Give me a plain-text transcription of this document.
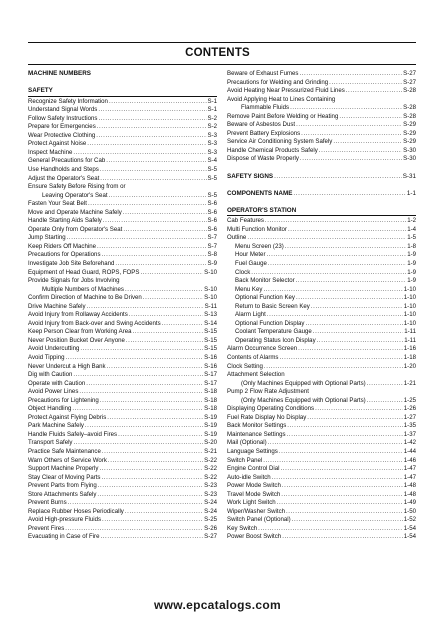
CONTENTS
MACHINE NUMBERS
SAFETY
Recognize Safety Information .....	S-1
Understand Signal Words .....	S-1
Follow Safety Instructions .....	S-2
Prepare for Emergencies .....	S-2
Wear Protective Clothing .....	S-3
Protect Against Noise .....	S-3
Inspect Machine .....	S-3
General Precautions for Cab .....	S-4
Use Handholds and Steps .....	S-5
Adjust the Operator's Seat .....	S-5
Ensure Safety Before Rising from or
Leaving Operator's Seat .....	S-5
Fasten Your Seat Belt .....	S-6
Move and Operate Machine Safely .....	S-6
Handle Starting Aids Safely .....	S-6
Operate Only from Operator's Seat .....	S-6
Jump Starting .....	S-7
Keep Riders Off Machine .....	S-7
Precautions for Operations .....	S-8
Investigate Job Site Beforehand .....	S-9
Equipment of Head Guard, ROPS, FOPS .....	S-10
Provide Signals for Jobs Involving
Multiple Numbers of Machines .....	S-10
Confirm Direction of Machine to Be Driven .....	S-10
Drive Machine Safely .....	S-11
Avoid Injury from Rollaway Accidents .....	S-13
Avoid Injury from Back-over and Swing Accidents .....	S-14
Keep Person Clear from Working Area .....	S-15
Never Position Bucket Over Anyone .....	S-15
Avoid Undercutting .....	S-15
Avoid Tipping .....	S-16
Never Undercut a High Bank .....	S-16
Dig with Caution .....	S-17
Operate with Caution .....	S-17
Avoid Power Lines .....	S-18
Precautions for Lightening .....	S-18
Object Handling .....	S-18
Protect Against Flying Debris .....	S-19
Park Machine Safely .....	S-19
Handle Fluids Safely–avoid Fires .....	S-19
Transport Safely .....	S-20
Practice Safe Maintenance .....	S-21
Warn Others of Service Work .....	S-22
Support Machine Properly .....	S-22
Stay Clear of Moving Parts .....	S-22
Prevent Parts from Flying .....	S-23
Store Attachments Safely .....	S-23
Prevent Burns .....	S-24
Replace Rubber Hoses Periodically .....	S-24
Avoid High-pressure Fluids .....	S-25
Prevent Fires .....	S-26
Evacuating in Case of Fire .....	S-27
Beware of Exhaust Fumes .....	S-27
Precautions for Welding and Grinding .....	S-27
Avoid Heating Near Pressurized Fluid Lines .....	S-28
Avoid Applying Heat to Lines Containing
Flammable Fluids .....	S-28
Remove Paint Before Welding or Heating .....	S-28
Beware of Asbestos Dust .....	S-29
Prevent Battery Explosions .....	S-29
Service Air Conditioning System Safely .....	S-29
Handle Chemical Products Safely .....	S-30
Dispose of Waste Properly .....	S-30
SAFETY SIGNS .....	S-31
COMPONENTS NAME .....	1-1
OPERATOR'S STATION
Cab Features .....	1-2
Multi Function Monitor .....	1-4
Outline .....	1-5
Menu Screen (23) .....	1-8
Hour Meter .....	1-9
Fuel Gauge .....	1-9
Clock .....	1-9
Back Monitor Selector .....	1-9
Menu Key .....	1-10
Optional Function Key .....	1-10
Return to Basic Screen Key .....	1-10
Alarm Light .....	1-10
Optional Function Display .....	1-10
Coolant Temperature Gauge .....	1-11
Operating Status Icon Display .....	1-11
Alarm Occurrence Screen .....	1-16
Contents of Alarms .....	1-18
Clock Setting .....	1-20
Attachment Selection
(Only Machines Equipped with Optional Parts) .....	1-21
Pump 2 Flow Rate Adjustment
(Only Machines Equipped with Optional Parts) .....	1-25
Displaying Operating Conditions .....	1-26
Fuel Rate Display No Display .....	1-27
Back Monitor Settings .....	1-35
Maintenance Settings .....	1-37
Mail (Optional) .....	1-42
Language Settings .....	1-44
Switch Panel .....	1-46
Engine Control Dial .....	1-47
Auto-idle Switch .....	1-47
Power Mode Switch .....	1-48
Travel Mode Switch .....	1-48
Work Light Switch .....	1-49
Wiper/Washer Switch .....	1-50
Switch Panel (Optional) .....	1-52
Key Switch .....	1-54
Power Boost Switch .....	1-54
www.epcatalogs.com
